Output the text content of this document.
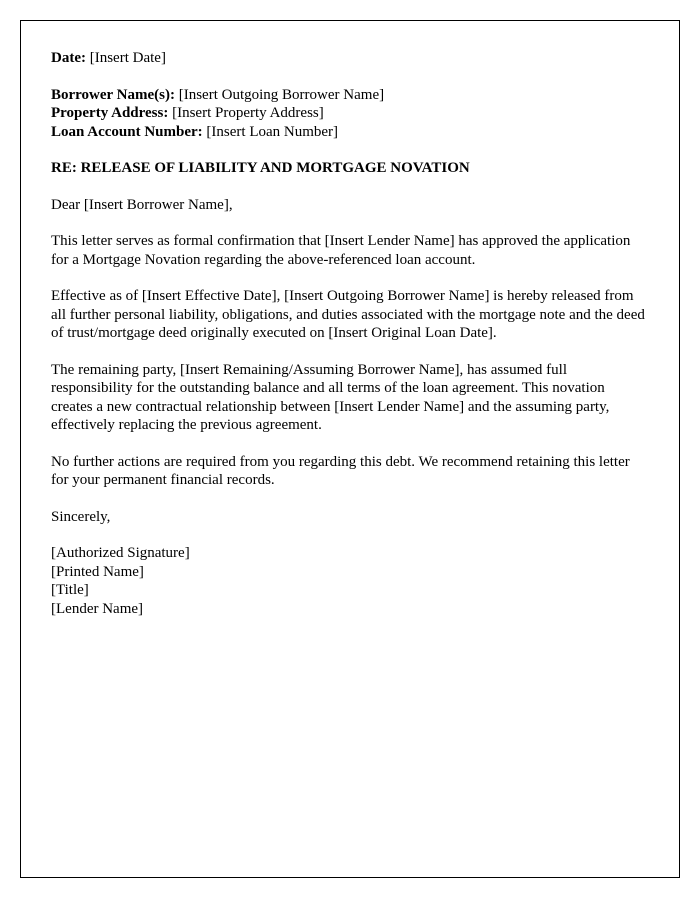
Date: [Insert Date]

Borrower Name(s): [Insert Outgoing Borrower Name]

Property Address: [Insert Property Address]

Loan Account Number: [Insert Loan Number]

RE: RELEASE OF LIABILITY AND MORTGAGE NOVATION

Dear [Insert Borrower Name],

This letter serves as formal confirmation that [Insert Lender Name] has approved the application for a Mortgage Novation regarding the above-referenced loan account.

Effective as of [Insert Effective Date], [Insert Outgoing Borrower Name] is hereby released from all further personal liability, obligations, and duties associated with the mortgage note and the deed of trust/mortgage deed originally executed on [Insert Original Loan Date].

The remaining party, [Insert Remaining/Assuming Borrower Name], has assumed full responsibility for the outstanding balance and all terms of the loan agreement. This novation creates a new contractual relationship between [Insert Lender Name] and the assuming party, effectively replacing the previous agreement.

No further actions are required from you regarding this debt. We recommend retaining this letter for your permanent financial records.

Sincerely,

[Authorized Signature]

[Printed Name]

[Title]

[Lender Name]
